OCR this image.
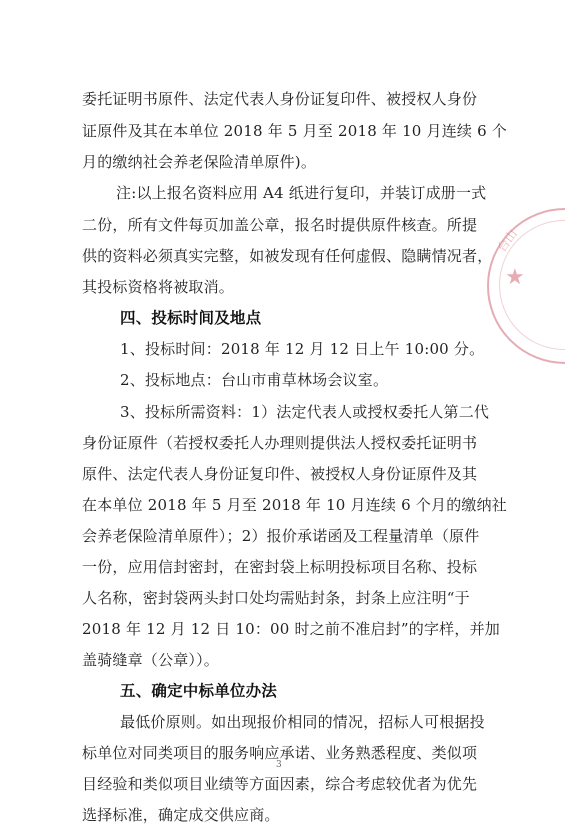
委托证明书原件、法定代表人身份证复印件、被授权人身份
证原件及其在本单位 2018 年 5 月至 2018 年 10 月连续 6 个
月的缴纳社会养老保险清单原件)。
注:以上报名资料应用 A4 纸进行复印，并装订成册一式
二份，所有文件每页加盖公章，报名时提供原件核查。所提
供的资料必须真实完整，如被发现有任何虚假、隐瞒情况者，
其投标资格将被取消。
四、投标时间及地点
1、投标时间：2018 年 12 月 12 日上午 10:00 分。
2、投标地点：台山市甫草林场会议室。
3、投标所需资料：1）法定代表人或授权委托人第二代
身份证原件（若授权委托人办理则提供法人授权委托证明书
原件、法定代表人身份证复印件、被授权人身份证原件及其
在本单位 2018 年 5 月至 2018 年 10 月连续 6 个月的缴纳社
会养老保险清单原件）；2）报价承诺函及工程量清单（原件
一份，应用信封密封，在密封袋上标明投标项目名称、投标
人名称，密封袋两头封口处均需贴封条，封条上应注明“于
2018 年 12 月 12 日 10：00 时之前不准启封”的字样，并加
盖骑缝章（公章））。
五、确定中标单位办法
最低价原则。如出现报价相同的情况，招标人可根据投
标单位对同类项目的服务响应承诺、业务熟悉程度、类似项
目经验和类似项目业绩等方面因素，综合考虑较优者为优先
选择标准，确定成交供应商。
3
★
台山
